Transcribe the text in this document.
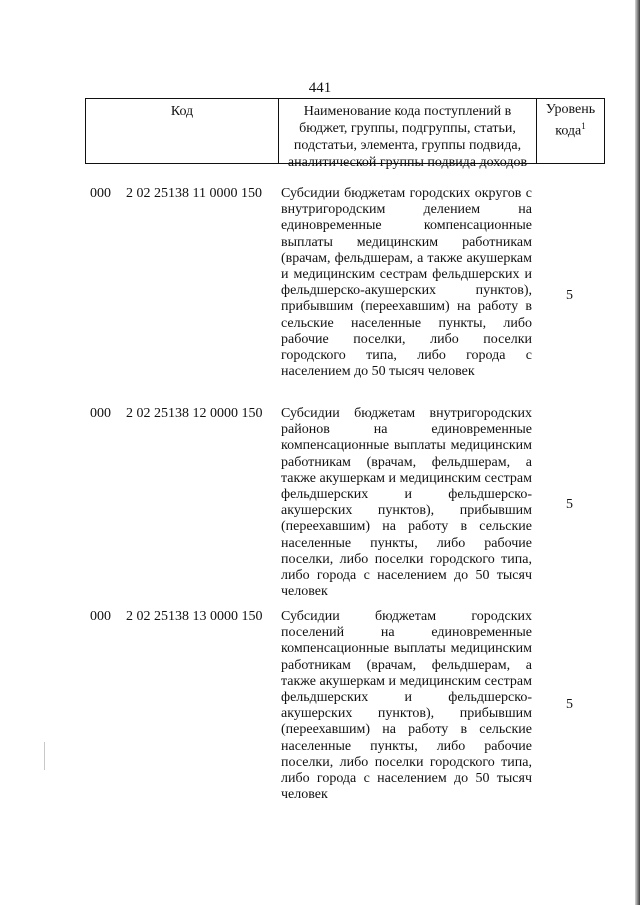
441
Код	Наименование кода поступлений в бюджет, группы, подгруппы, статьи, подстатьи, элемента, группы подвида, аналитической группы подвида доходов
Уровень кода$^1$
000 2 02 25138 11 0000 150 Субсидии бюджетам городских округов с внутригородским делением на единовременные компенсационные выплаты медицинским работникам (врачам, фельдшерам, а также акушеркам и медицинским сестрам фельдшерских и фельдшерско-акушерских пунктов), прибывшим (переехавшим) на работу в сельские населенные пункты, либо рабочие поселки, либо поселки городского типа, либо города с населением до 50 тысяч человек
5
000 2 02 25138 12 0000 150 Субсидии бюджетам внутригородских районов на единовременные компенсационные выплаты медицинским работникам (врачам, фельдшерам, а также акушеркам и медицинским сестрам фельдшерских и фельдшерско-акушерских пунктов), прибывшим (переехавшим) на работу в сельские населенные пункты, либо рабочие поселки, либо поселки городского типа, либо города с населением до 50 тысяч человек
5
000 2 02 25138 13 0000 150 Субсидии бюджетам городских поселений на единовременные компенсационные выплаты медицинским работникам (врачам, фельдшерам, а также акушеркам и медицинским сестрам фельдшерских и фельдшерско-акушерских пунктов), прибывшим (переехавшим) на работу в сельские населенные пункты, либо рабочие поселки, либо поселки городского типа, либо города с населением до 50 тысяч человек
5
